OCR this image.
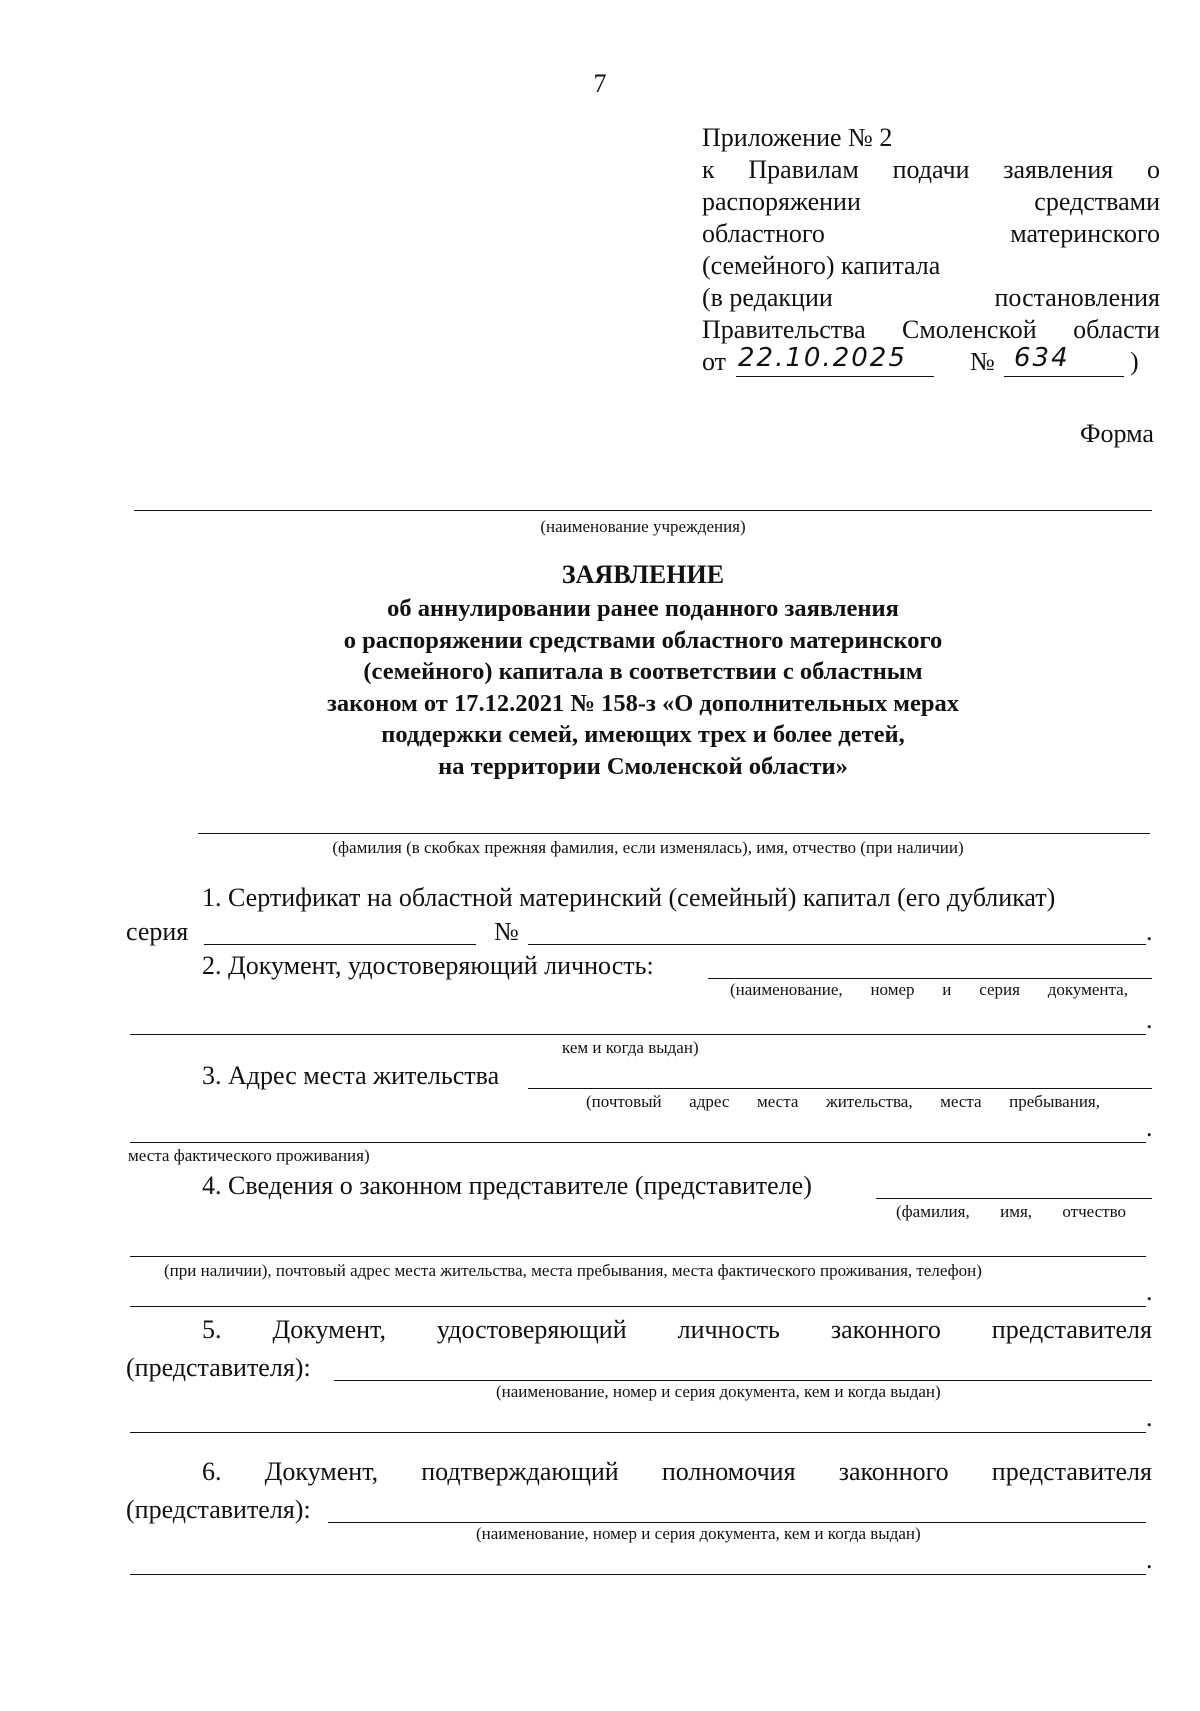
7
Приложение № 2
к Правилам подачи заявления о
распоряжении	средствами
областного	материнского
(семейного) капитала
(в редакции	постановления
Правительства Смоленской области
от 22.10.2025 № 634 )
Форма
(наименование учреждения)
ЗАЯВЛЕНИЕ
об аннулировании ранее поданного заявления
о распоряжении средствами областного материнского
(семейного) капитала в соответствии с областным
законом от 17.12.2021 № 158-з «О дополнительных мерах
поддержки семей, имеющих трех и более детей,
на территории Смоленской области»
(фамилия (в скобках прежняя фамилия, если изменялась), имя, отчество (при наличии)
1. Сертификат на областной материнский (семейный) капитал (его дубликат)
серия	№	.
2. Документ, удостоверяющий личность:
(наименование, номер и серия документа,
.
кем и когда выдан)
3. Адрес места жительства
(почтовый адрес места жительства, места пребывания,
.
места фактического проживания)
4. Сведения о законном представителе (представителе)
(фамилия, имя, отчество
(при наличии), почтовый адрес места жительства, места пребывания, места фактического проживания, телефон)
.
5. Документ, удостоверяющий личность законного представителя
(представителя):
(наименование, номер и серия документа, кем и когда выдан)
.
6. Документ, подтверждающий полномочия законного представителя
(представителя):
(наименование, номер и серия документа, кем и когда выдан)
.
